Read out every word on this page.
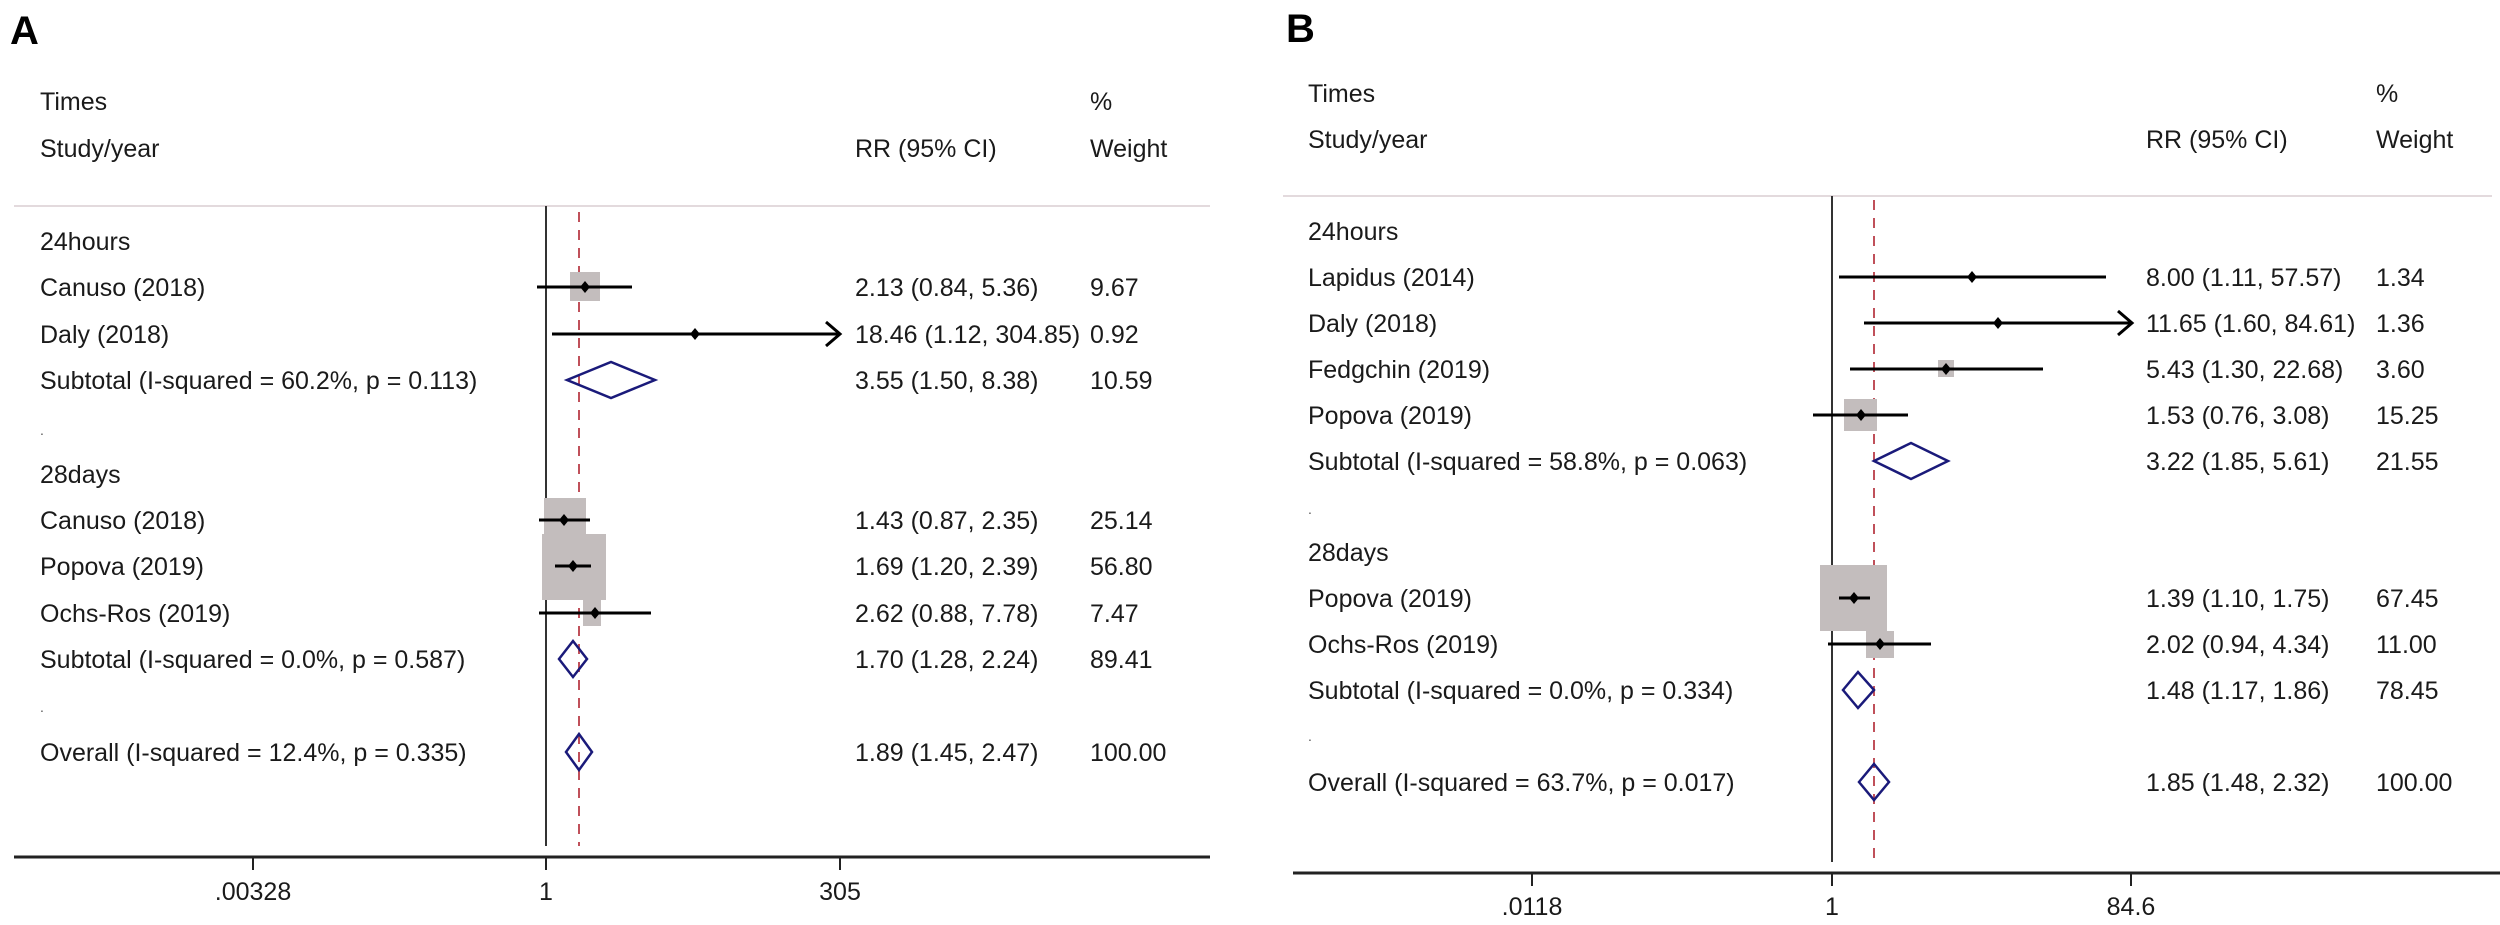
A
Times
Study/year	RR (95% CI)
%
Weight
24hours
Canuso (2018)	2.13 (0.84, 5.36) 9.67
Daly (2018)	18.46 (1.12, 304.85) 0.92
Subtotal (I-squared = 60.2%, p = 0.113)	3.55 (1.50, 8.38) 10.59
.
28days
Canuso (2018)	1.43 (0.87, 2.35) 25.14
Popova (2019)	1.69 (1.20, 2.39) 56.80
Ochs-Ros (2019)	2.62 (0.88, 7.78) 7.47
Subtotal (I-squared = 0.0%, p = 0.587)	1.70 (1.28, 2.24) 89.41
.
Overall (I-squared = 12.4%, p = 0.335)	1.89 (1.45, 2.47) 100.00
.00328	1	305
B
Times
Study/year	RR (95% CI)
%
Weight
24hours
Lapidus (2014)	8.00 (1.11, 57.57) 1.34
Daly (2018)	11.65 (1.60, 84.61) 1.36
Fedgchin (2019)	5.43 (1.30, 22.68) 3.60
Popova (2019)	1.53 (0.76, 3.08) 15.25
Subtotal (I-squared = 58.8%, p = 0.063)	3.22 (1.85, 5.61) 21.55
.
28days
Popova (2019)	1.39 (1.10, 1.75) 67.45
Ochs-Ros (2019)	2.02 (0.94, 4.34) 11.00
Subtotal (I-squared = 0.0%, p = 0.334)	1.48 (1.17, 1.86) 78.45
.
Overall (I-squared = 63.7%, p = 0.017)	1.85 (1.48, 2.32) 100.00
.0118	1	84.6
